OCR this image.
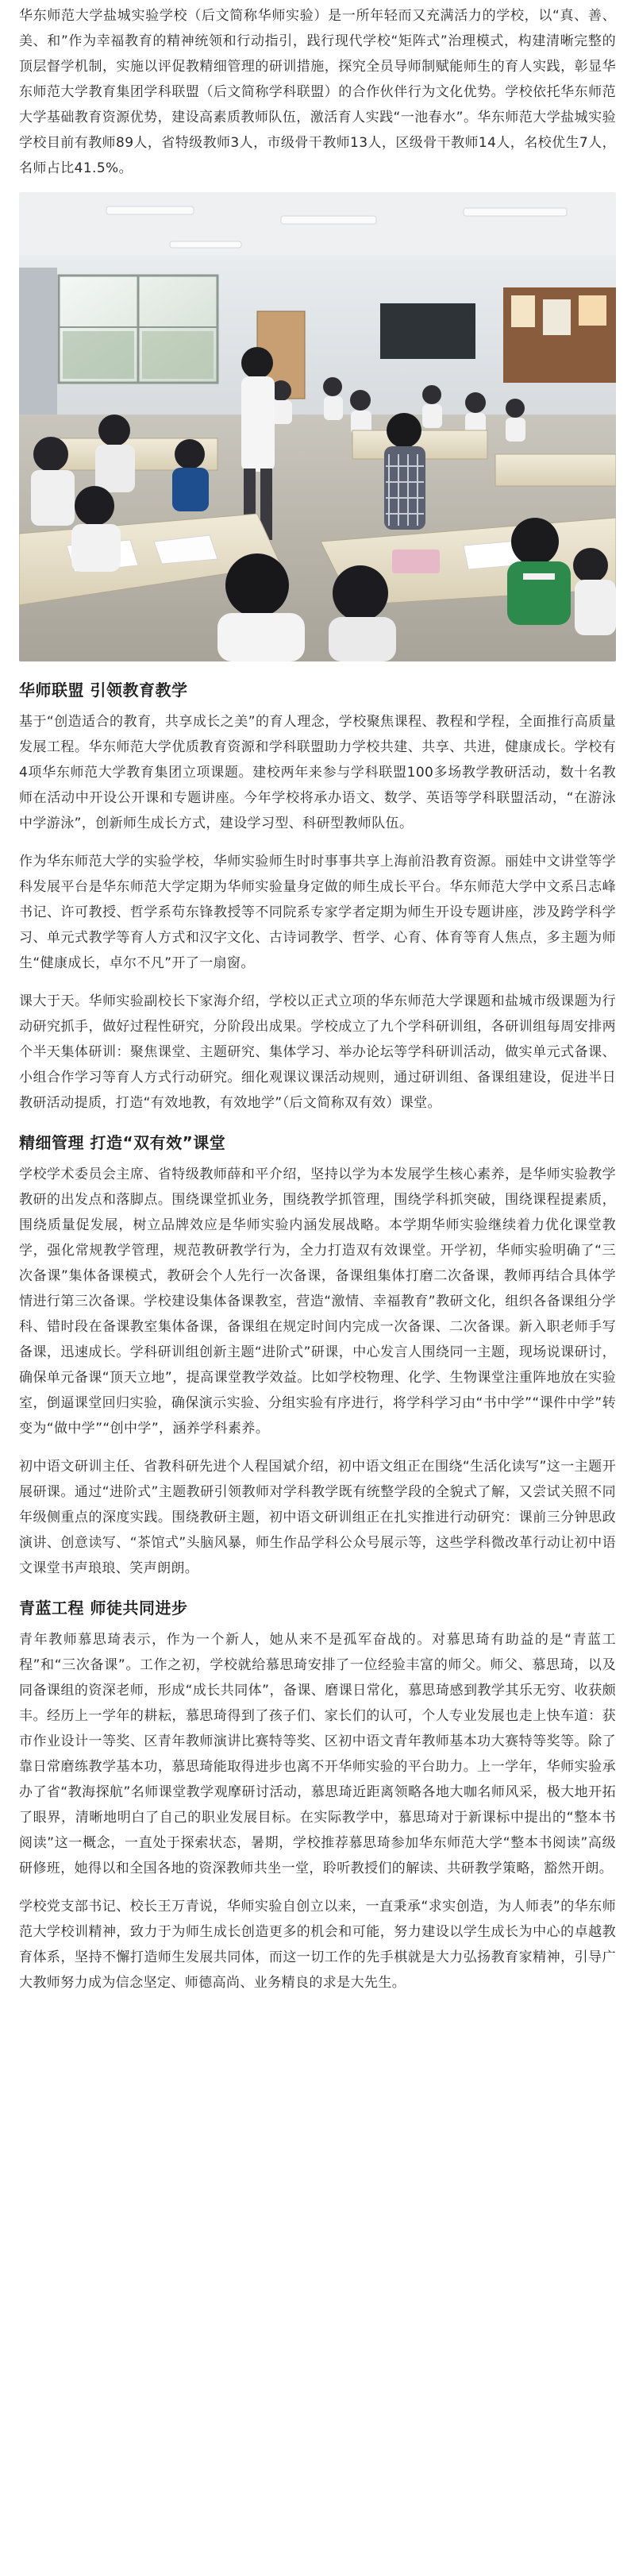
华东师范大学盐城实验学校（后文简称华师实验）是一所年轻而又充满活力的学校，以“真、善、美、和”作为幸福教育的精神统领和行动指引，践行现代学校“矩阵式”治理模式，构建清晰完整的顶层督学机制，实施以评促教精细管理的研训措施，探究全员导师制赋能师生的育人实践，彰显华东师范大学教育集团学科联盟（后文简称学科联盟）的合作伙伴行为文化优势。学校依托华东师范大学基础教育资源优势，建设高素质教师队伍，激活育人实践“一池春水”。华东师范大学盐城实验学校目前有教师89人，省特级教师3人，市级骨干教师13人，区级骨干教师14人，名校优生7人，名师占比41.5%。

华师联盟 引领教育教学

基于“创造适合的教育，共享成长之美”的育人理念，学校聚焦课程、教程和学程，全面推行高质量发展工程。华东师范大学优质教育资源和学科联盟助力学校共建、共享、共进，健康成长。学校有4项华东师范大学教育集团立项课题。建校两年来参与学科联盟100多场教学教研活动，数十名教师在活动中开设公开课和专题讲座。今年学校将承办语文、数学、英语等学科联盟活动，“在游泳中学游泳”，创新师生成长方式，建设学习型、科研型教师队伍。

作为华东师范大学的实验学校，华师实验师生时时事事共享上海前沿教育资源。丽娃中文讲堂等学科发展平台是华东师范大学定期为华师实验量身定做的师生成长平台。华东师范大学中文系吕志峰书记、许可教授、哲学系苟东锋教授等不同院系专家学者定期为师生开设专题讲座，涉及跨学科学习、单元式教学等育人方式和汉字文化、古诗词教学、哲学、心育、体育等育人焦点，多主题为师生“健康成长，卓尔不凡”开了一扇窗。

课大于天。华师实验副校长下家海介绍，学校以正式立项的华东师范大学课题和盐城市级课题为行动研究抓手，做好过程性研究，分阶段出成果。学校成立了九个学科研训组，各研训组每周安排两个半天集体研训：聚焦课堂、主题研究、集体学习、举办论坛等学科研训活动，做实单元式备课、小组合作学习等育人方式行动研究。细化观课议课活动规则，通过研训组、备课组建设，促进半日教研活动提质，打造“有效地教，有效地学”（后文简称双有效）课堂。

精细管理 打造“双有效”课堂

学校学术委员会主席、省特级教师薛和平介绍，坚持以学为本发展学生核心素养，是华师实验教学教研的出发点和落脚点。围绕课堂抓业务，围绕教学抓管理，围绕学科抓突破，围绕课程提素质，围绕质量促发展，树立品牌效应是华师实验内涵发展战略。本学期华师实验继续着力优化课堂教学，强化常规教学管理，规范教研教学行为，全力打造双有效课堂。开学初，华师实验明确了“三次备课”集体备课模式，教研会个人先行一次备课，备课组集体打磨二次备课，教师再结合具体学情进行第三次备课。学校建设集体备课教室，营造“激情、幸福教育”教研文化，组织各备课组分学科、错时段在备课教室集体备课，备课组在规定时间内完成一次备课、二次备课。新入职老师手写备课，迅速成长。学科研训组创新主题“进阶式”研课，中心发言人围绕同一主题，现场说课研讨，确保单元备课“顶天立地”，提高课堂教学效益。比如学校物理、化学、生物课堂注重阵地放在实验室，倒逼课堂回归实验，确保演示实验、分组实验有序进行，将学科学习由“书中学”“课件中学”转变为“做中学”“创中学”，涵养学科素养。

初中语文研训主任、省教科研先进个人程国斌介绍，初中语文组正在围绕“生活化读写”这一主题开展研课。通过“进阶式”主题教研引领教师对学科教学既有统整学段的全貌式了解，又尝试关照不同年级侧重点的深度实践。围绕教研主题，初中语文研训组正在扎实推进行动研究：课前三分钟思政演讲、创意读写、“茶馆式”头脑风暴，师生作品学科公众号展示等，这些学科微改革行动让初中语文课堂书声琅琅、笑声朗朗。

青蓝工程 师徒共同进步

青年教师慕思琦表示，作为一个新人，她从来不是孤军奋战的。对慕思琦有助益的是“青蓝工程”和“三次备课”。工作之初，学校就给慕思琦安排了一位经验丰富的师父。师父、慕思琦，以及同备课组的资深老师，形成“成长共同体”，备课、磨课日常化，慕思琦感到教学其乐无穷、收获颇丰。经历上一学年的耕耘，慕思琦得到了孩子们、家长们的认可，个人专业发展也走上快车道：获市作业设计一等奖、区青年教师演讲比赛特等奖、区初中语文青年教师基本功大赛特等奖等。除了靠日常磨练教学基本功，慕思琦能取得进步也离不开华师实验的平台助力。上一学年，华师实验承办了省“教海探航”名师课堂教学观摩研讨活动，慕思琦近距离领略各地大咖名师风采，极大地开拓了眼界，清晰地明白了自己的职业发展目标。在实际教学中，慕思琦对于新课标中提出的“整本书阅读”这一概念，一直处于探索状态，暑期，学校推荐慕思琦参加华东师范大学“整本书阅读”高级研修班，她得以和全国各地的资深教师共坐一堂，聆听教授们的解读、共研教学策略，豁然开朗。

学校党支部书记、校长王万青说，华师实验自创立以来，一直秉承“求实创造，为人师表”的华东师范大学校训精神，致力于为师生成长创造更多的机会和可能，努力建设以学生成长为中心的卓越教育体系，坚持不懈打造师生发展共同体，而这一切工作的先手棋就是大力弘扬教育家精神，引导广大教师努力成为信念坚定、师德高尚、业务精良的求是大先生。
